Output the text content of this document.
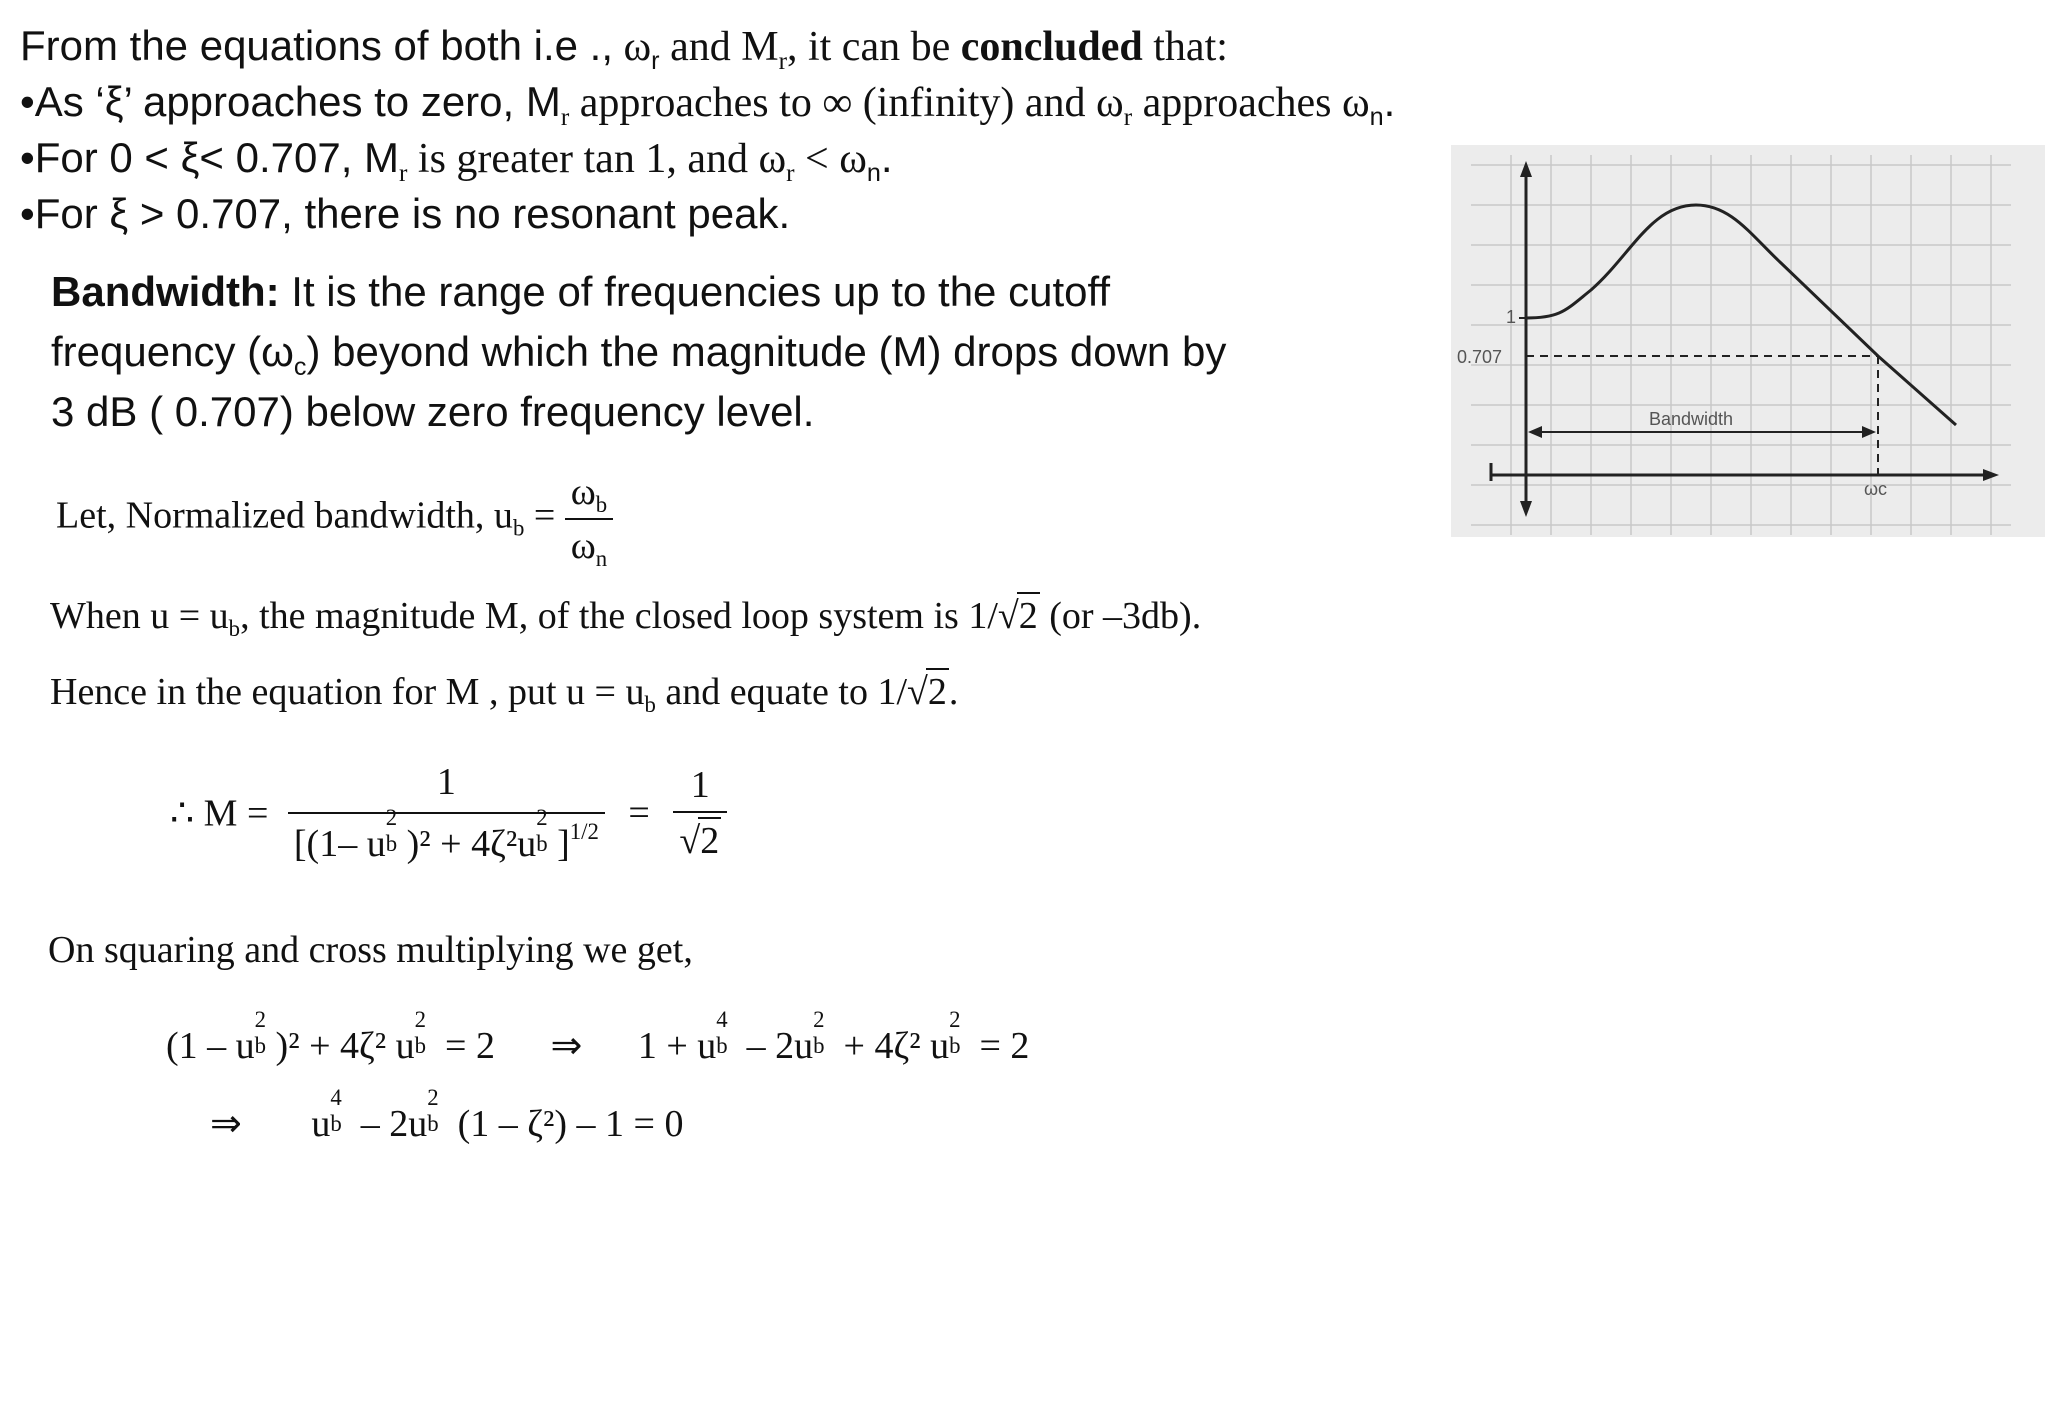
From the equations of both i.e ., $\omega_r$ and $M_r$, it can be concluded that:
•As ‘ξ’ approaches to zero, $M_r$ approaches to ∞ (infinity) and $\omega_r$ approaches $\omega_n$.
•For 0 < ξ< 0.707, $M_r$ is greater tan 1, and $\omega_r < \omega_n$.
•For ξ > 0.707, there is no resonant peak.
Bandwidth: It is the range of frequencies up to the cutoff
frequency $(\omega_c)$ beyond which the magnitude (M) drops down by
3 dB ( 0.707) below zero frequency level.
1
0.707
Bandwidth
ωc
Let, Normalized bandwidth, $u_b = \frac{\omega_b}{\omega_n}$
When $u = u_b$, the magnitude M, of the closed loop system is 1/√2 (or –3db).
Hence in the equation for M , put $u = u_b$ and equate to 1/√2.
∴ M = 1
[(1– u
2
b )² + 4ζ²u
2
b ]$^{1/2} = \frac{1}{√2}$
On squaring and cross multiplying we get,
(1 – u
2
b )² + 4ζ² u
2
b = 2 ⇒ 1 + u
4
b – 2u
2
b + 4ζ² u
2
b = 2
⇒ u
4
b – 2u
2
b (1 – ζ²) – 1 = 0
